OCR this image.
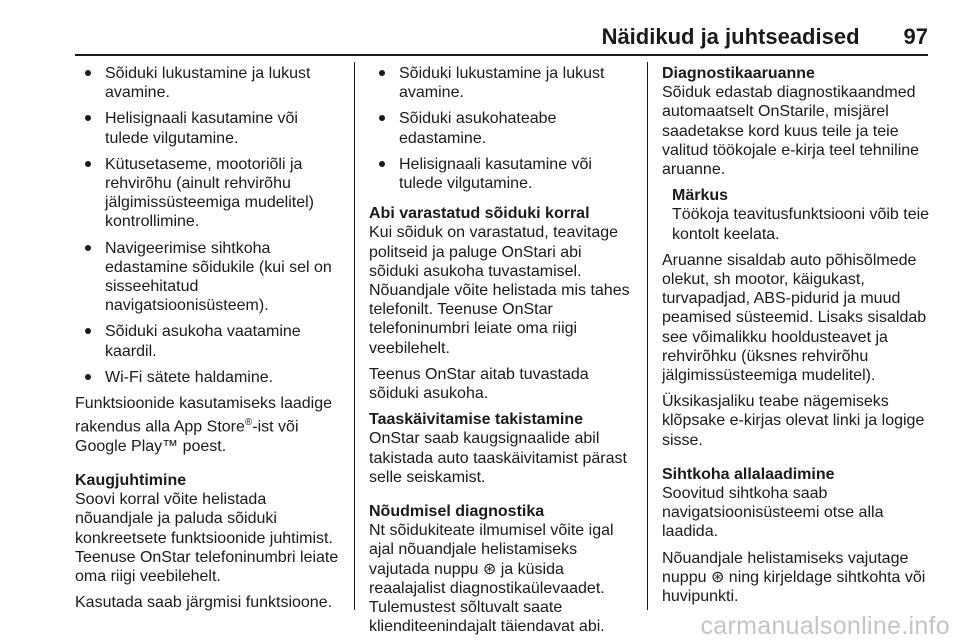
Näidikud ja juhtseadised 97
Sõiduki lukustamine ja lukust avamine.
Helisignaali kasutamine või tulede vilgutamine.
Kütusetaseme, mootoriõli ja rehvirõhu (ainult rehvirõhu jälgimissüsteemiga mudelitel) kontrollimine.
Navigeerimise sihtkoha edastamine sõidukile (kui sel on sisseehitatud navigatsioonisüsteem).
Sõiduki asukoha vaatamine kaardil.
Wi-Fi sätete haldamine.

Funktsioonide kasutamiseks laadige rakendus alla App Store®-ist või Google Play™ poest.

Kaugjuhtimine

Soovi korral võite helistada nõuandjale ja paluda sõiduki konkreetsete funktsioonide juhtimist. Teenuse OnStar telefoninumbri leiate oma riigi veebilehelt.

Kasutada saab järgmisi funktsioone.

Sõiduki lukustamine ja lukust avamine.
Sõiduki asukohateabe edastamine.
Helisignaali kasutamine või tulede vilgutamine.

Abi varastatud sõiduki korral

Kui sõiduk on varastatud, teavitage politseid ja paluge OnStari abi sõiduki asukoha tuvastamisel. Nõuandjale võite helistada mis tahes telefonilt. Teenuse OnStar telefoninumbri leiate oma riigi veebilehelt.

Teenus OnStar aitab tuvastada sõiduki asukoha.

Taaskäivitamise takistamine

OnStar saab kaugsignaalide abil takistada auto taaskäivitamist pärast selle seiskamist.

Nõudmisel diagnostika

Nt sõidukiteate ilmumisel võite igal ajal nõuandjale helistamiseks vajutada nuppu ⊛ ja küsida reaalajalist diagnostikaülevaadet. Tulemustest sõltuvalt saate klienditeenindajalt täiendavat abi.

Diagnostikaaruanne

Sõiduk edastab diagnostikaandmed automaatselt OnStarile, misjärel saadetakse kord kuus teile ja teie valitud töökojale e-kirja teel tehniline aruanne.

Märkus
Töökoja teavitusfunktsiooni võib teie kontolt keelata.

Aruanne sisaldab auto põhisõlmede olekut, sh mootor, käigukast, turvapadjad, ABS-pidurid ja muud peamised süsteemid. Lisaks sisaldab see võimalikku hooldusteavet ja rehvirõhku (üksnes rehvirõhu jälgimissüsteemiga mudelitel).

Üksikasjaliku teabe nägemiseks klõpsake e-kirjas olevat linki ja logige sisse.

Sihtkoha allalaadimine

Soovitud sihtkoha saab navigatsioonisüsteemi otse alla laadida.

Nõuandjale helistamiseks vajutage nuppu ⊛ ning kirjeldage sihtkohta või huvipunkti.

carmanualsonline.info
